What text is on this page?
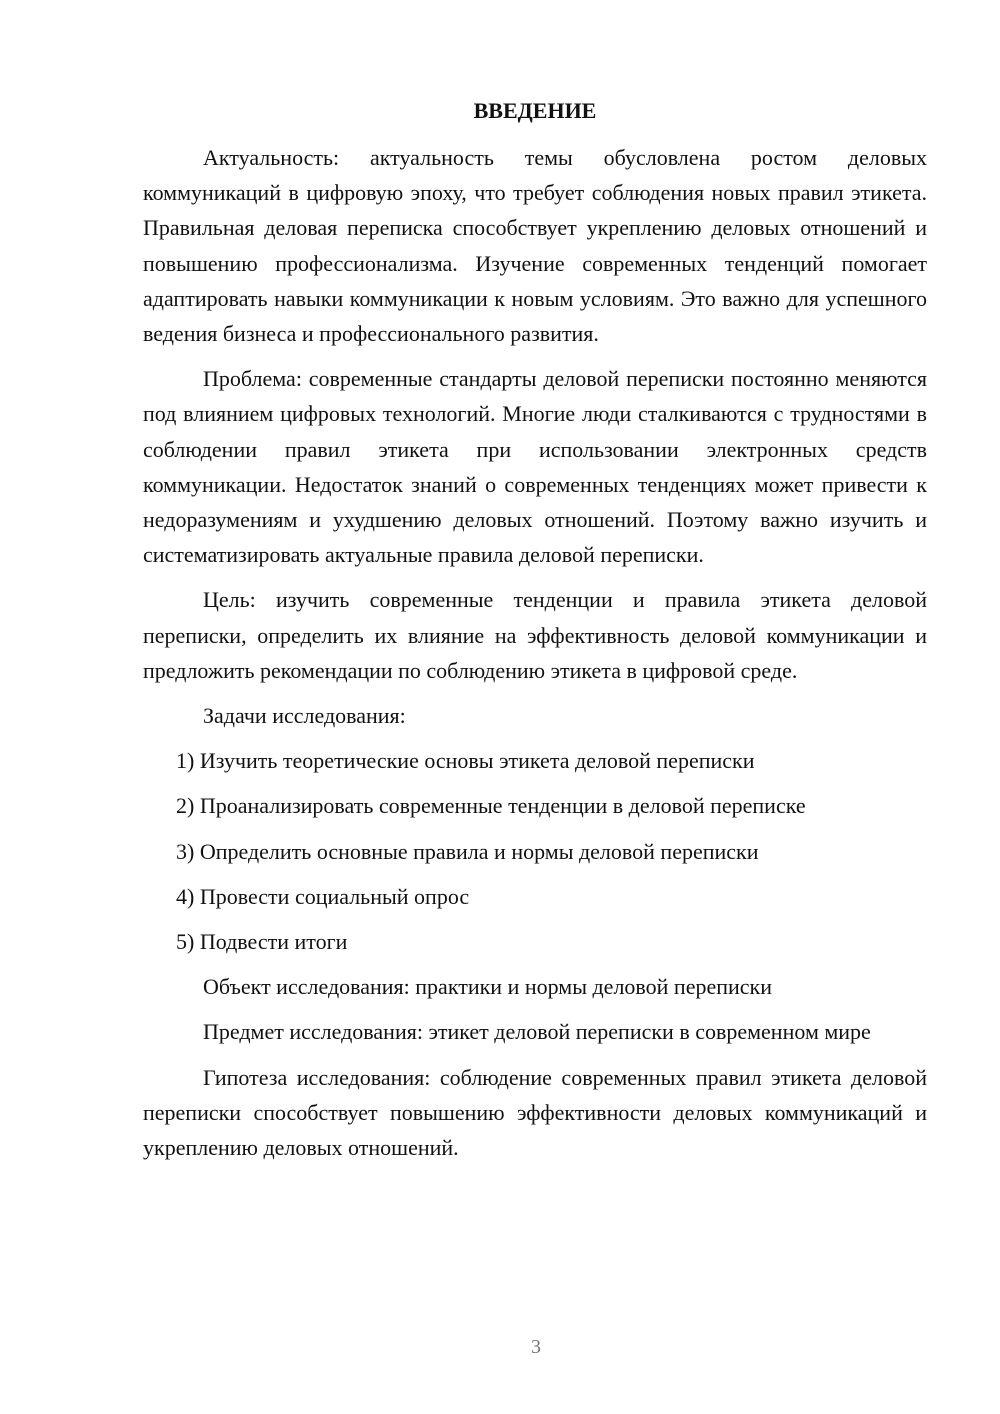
ВВЕДЕНИЕ

Актуальность: актуальность темы обусловлена ростом деловых коммуникаций в цифровую эпоху, что требует соблюдения новых правил этикета. Правильная деловая переписка способствует укреплению деловых отношений и повышению профессионализма. Изучение современных тенденций помогает адаптировать навыки коммуникации к новым условиям. Это важно для успешного ведения бизнеса и профессионального развития.

Проблема: современные стандарты деловой переписки постоянно меняются под влиянием цифровых технологий. Многие люди сталкиваются с трудностями в соблюдении правил этикета при использовании электронных средств коммуникации. Недостаток знаний о современных тенденциях может привести к недоразумениям и ухудшению деловых отношений. Поэтому важно изучить и систематизировать актуальные правила деловой переписки.

Цель: изучить современные тенденции и правила этикета деловой переписки, определить их влияние на эффективность деловой коммуникации и предложить рекомендации по соблюдению этикета в цифровой среде.

Задачи исследования:
1) Изучить теоретические основы этикета деловой переписки
2) Проанализировать современные тенденции в деловой переписке
3) Определить основные правила и нормы деловой переписки
4) Провести социальный опрос
5) Подвести итоги
Объект исследования: практики и нормы деловой переписки

Предмет исследования: этикет деловой переписки в современном мире

Гипотеза исследования: соблюдение современных правил этикета деловой переписки способствует повышению эффективности деловых коммуникаций и укреплению деловых отношений.

3
